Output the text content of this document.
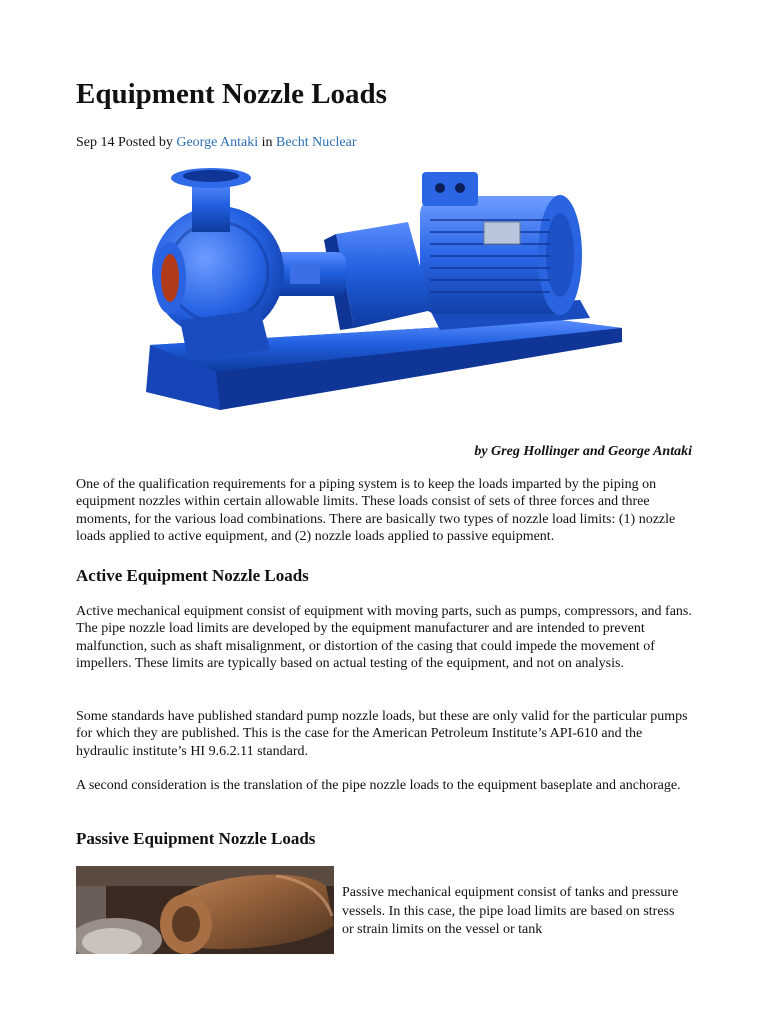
Equipment Nozzle Loads
Sep 14 Posted by George Antaki in Becht Nuclear
by Greg Hollinger and George Antaki

One of the qualification requirements for a piping system is to keep the loads imparted by the piping on equipment nozzles within certain allowable limits. These loads consist of sets of three forces and three moments, for the various load combinations. There are basically two types of nozzle load limits: (1) nozzle loads applied to active equipment, and (2) nozzle loads applied to passive equipment.

Active Equipment Nozzle Loads

Active mechanical equipment consist of equipment with moving parts, such as pumps, compressors, and fans. The pipe nozzle load limits are developed by the equipment manufacturer and are intended to prevent malfunction, such as shaft misalignment, or distortion of the casing that could impede the movement of impellers. These limits are typically based on actual testing of the equipment, and not on analysis.

Some standards have published standard pump nozzle loads, but these are only valid for the particular pumps for which they are published. This is the case for the American Petroleum Institute’s API-610 and the hydraulic institute’s HI 9.6.2.11 standard.

A second consideration is the translation of the pipe nozzle loads to the equipment baseplate and anchorage.

Passive Equipment Nozzle Loads

Passive mechanical equipment consist of tanks and pressure vessels. In this case, the pipe load limits are based on stress or strain limits on the vessel or tank
